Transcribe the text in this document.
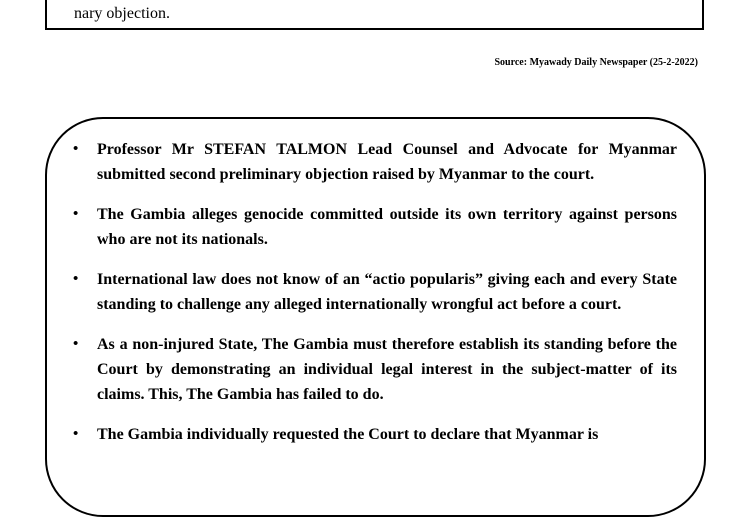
nary objection.
Source: Myawady Daily Newspaper (25-2-2022)
• Professor Mr STEFAN TALMON Lead Counsel and Advocate for Myanmar submitted second preliminary objection raised by Myanmar to the court.
• The Gambia alleges genocide committed outside its own territory against persons who are not its nationals.
• International law does not know of an “actio popularis” giving each and every State standing to challenge any alleged internationally wrongful act before a court.
• As a non-injured State, The Gambia must therefore establish its standing before the Court by demonstrating an individual legal interest in the subject-matter of its claims. This, The Gambia has failed to do.
• The Gambia individually requested the Court to declare that Myanmar is
